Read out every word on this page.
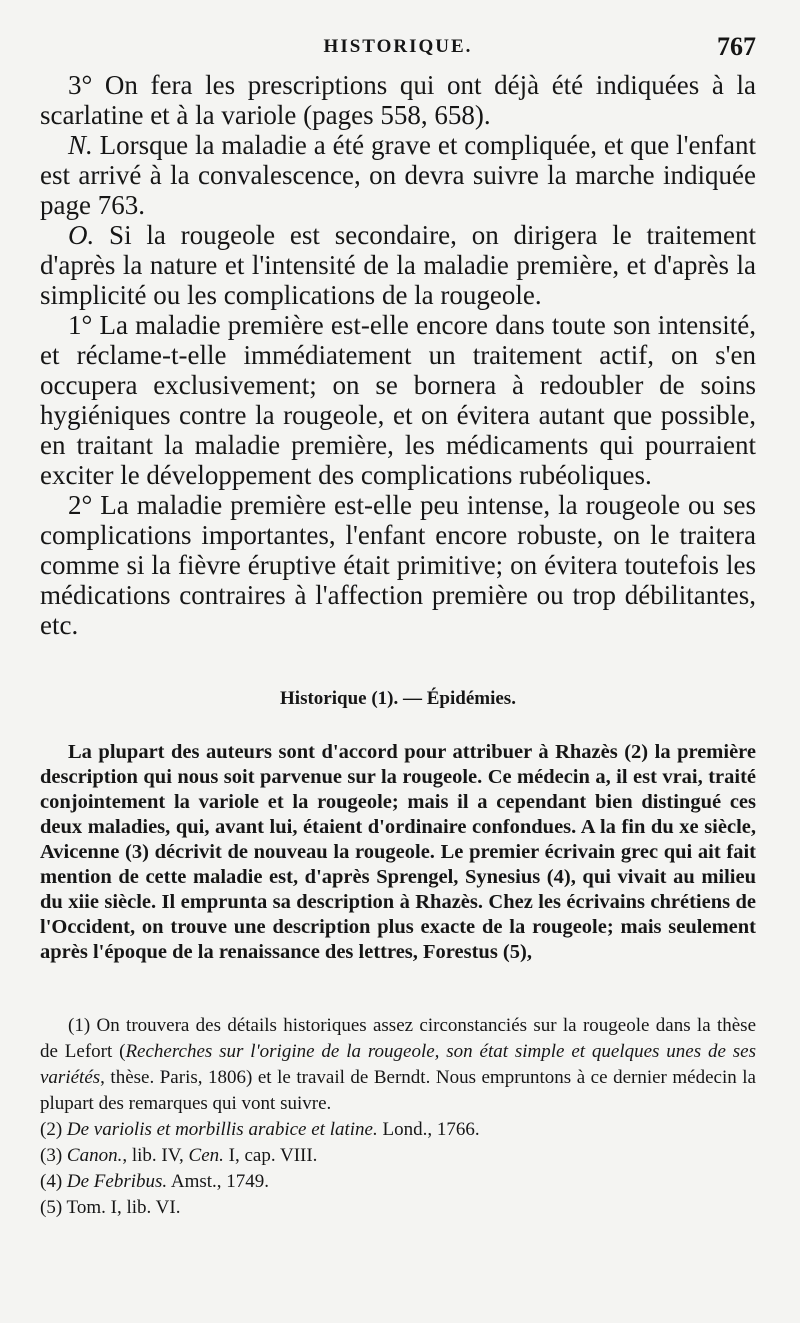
HISTORIQUE.	767

3° On fera les prescriptions qui ont déjà été indiquées à la scarlatine et à la variole (pages 558, 658).

N. Lorsque la maladie a été grave et compliquée, et que l'enfant est arrivé à la convalescence, on devra suivre la marche indiquée page 763.

O. Si la rougeole est secondaire, on dirigera le traitement d'après la nature et l'intensité de la maladie première, et d'après la simplicité ou les complications de la rougeole.

1° La maladie première est-elle encore dans toute son intensité, et réclame-t-elle immédiatement un traitement actif, on s'en occupera exclusivement; on se bornera à redoubler de soins hygiéniques contre la rougeole, et on évitera autant que possible, en traitant la maladie première, les médicaments qui pourraient exciter le développement des complications rubéoliques.

2° La maladie première est-elle peu intense, la rougeole ou ses complications importantes, l'enfant encore robuste, on le traitera comme si la fièvre éruptive était primitive; on évitera toutefois les médications contraires à l'affection première ou trop débilitantes, etc.

Historique (1). — Épidémies.

La plupart des auteurs sont d'accord pour attribuer à Rhazès (2) la première description qui nous soit parvenue sur la rougeole. Ce médecin a, il est vrai, traité conjointement la variole et la rougeole; mais il a cependant bien distingué ces deux maladies, qui, avant lui, étaient d'ordinaire confondues. A la fin du xe siècle, Avicenne (3) décrivit de nouveau la rougeole. Le premier écrivain grec qui ait fait mention de cette maladie est, d'après Sprengel, Synesius (4), qui vivait au milieu du xiie siècle. Il emprunta sa description à Rhazès. Chez les écrivains chrétiens de l'Occident, on trouve une description plus exacte de la rougeole; mais seulement après l'époque de la renaissance des lettres, Forestus (5),

(1) On trouvera des détails historiques assez circonstanciés sur la rougeole dans la thèse de Lefort (Recherches sur l'origine de la rougeole, son état simple et quelques unes de ses variétés, thèse. Paris, 1806) et le travail de Berndt. Nous empruntons à ce dernier médecin la plupart des remarques qui vont suivre.

(2) De variolis et morbillis arabice et latine. Lond., 1766.

(3) Canon., lib. IV, Cen. I, cap. VIII.

(4) De Febribus. Amst., 1749.

(5) Tom. I, lib. VI.
